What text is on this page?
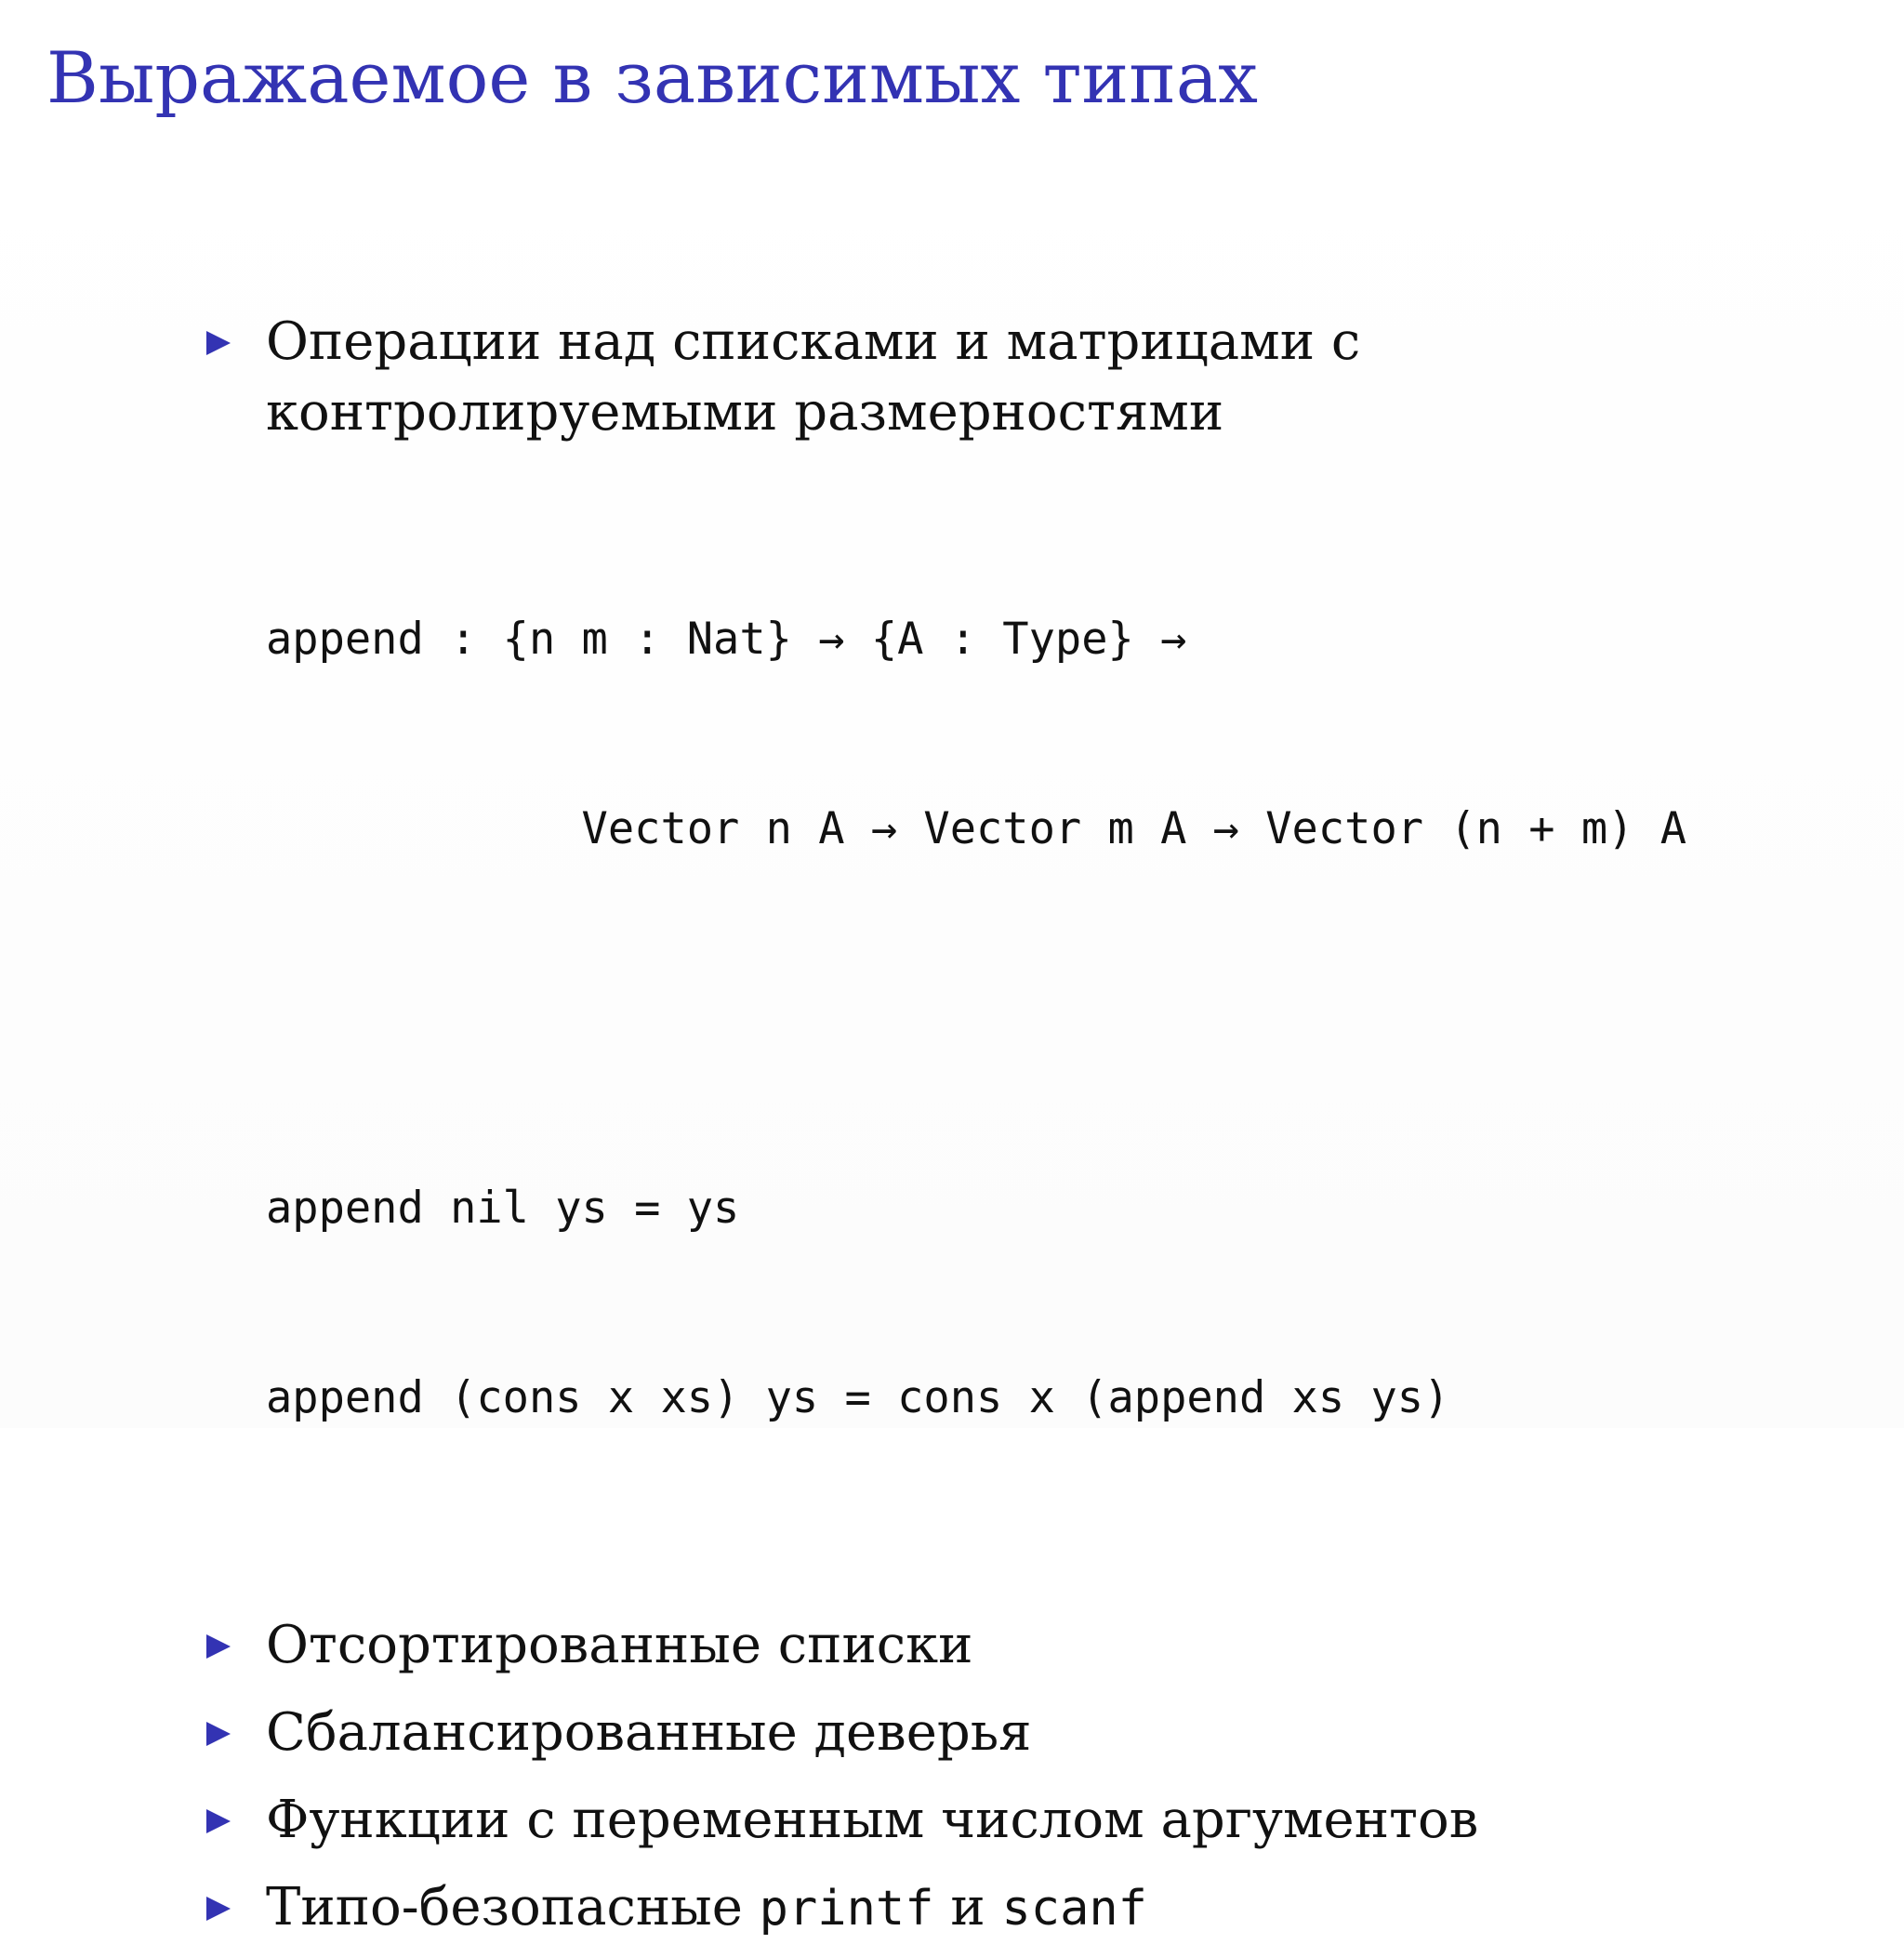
Выражаемое в зависимых типах
Операции над списками и матрицами с
контролируемыми размерностями

append : {n m : Nat} → {A : Type} →

Vector n A → Vector m A → Vector (n + m) A

append nil ys = ys

append (cons x xs) ys = cons x (append xs ys)

Отсортированные списки
Сбалансированные деверья
Функции с переменным числом аргументов
Типо-безопасные printf и scanf
